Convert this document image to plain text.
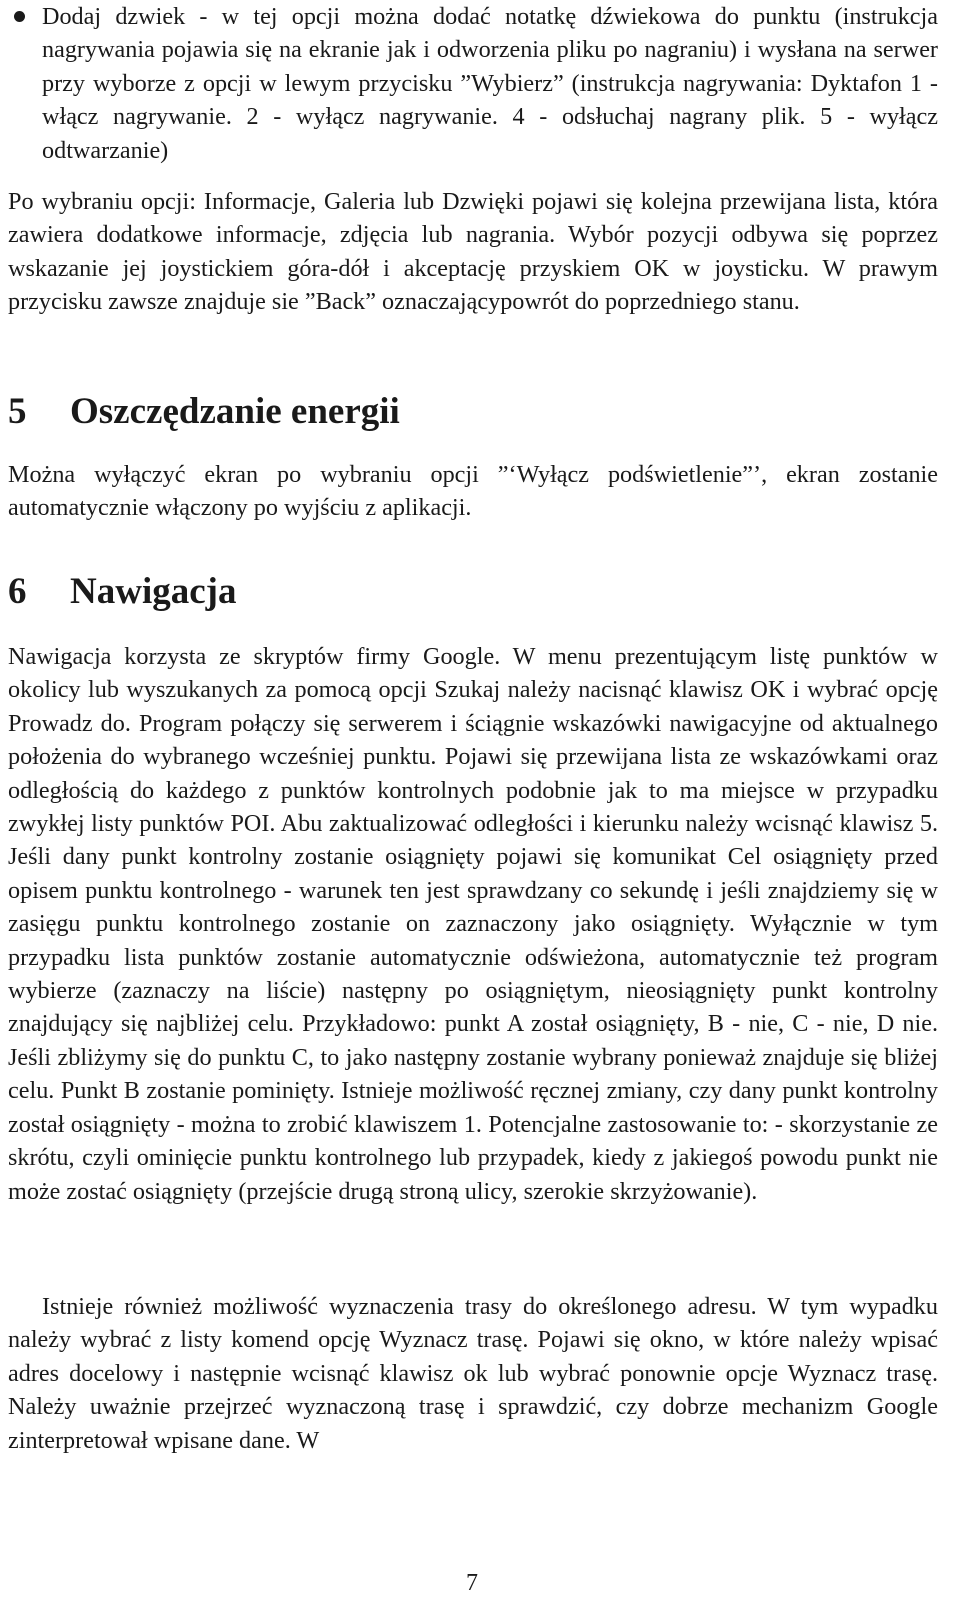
Dodaj dzwiek - w tej opcji można dodać notatkę dźwiekowa do punktu (instrukcja nagrywania pojawia się na ekranie jak i odworzenia pliku po nagraniu) i wysłana na serwer przy wyborze z opcji w lewym przycisku ”Wybierz” (instrukcja nagrywania: Dyktafon 1 - włącz nagrywanie. 2 - wyłącz nagrywanie. 4 - odsłuchaj nagrany plik. 5 - wyłącz odtwarzanie)

Po wybraniu opcji: Informacje, Galeria lub Dzwięki pojawi się kolejna przewijana lista, która zawiera dodatkowe informacje, zdjęcia lub nagrania. Wybór pozycji odbywa się poprzez wskazanie jej joystickiem góra-dół i akceptację przyskiem OK w joysticku. W prawym przycisku zawsze znajduje sie ”Back” oznaczającypowrót do poprzedniego stanu.

5 Oszczędzanie energii

Można wyłączyć ekran po wybraniu opcji ”‘Wyłącz podświetlenie”’, ekran zostanie automatycznie włączony po wyjściu z aplikacji.

6 Nawigacja

Nawigacja korzysta ze skryptów firmy Google. W menu prezentującym listę punktów w okolicy lub wyszukanych za pomocą opcji Szukaj należy nacisnąć klawisz OK i wybrać opcję Prowadz do. Program połączy się serwerem i ściągnie wskazówki nawigacyjne od aktualnego położenia do wybranego wcześniej punktu. Pojawi się przewijana lista ze wskazówkami oraz odległością do każdego z punktów kontrolnych podobnie jak to ma miejsce w przypadku zwykłej listy punktów POI. Abu zaktualizować odległości i kierunku należy wcisnąć klawisz 5. Jeśli dany punkt kontrolny zostanie osiągnięty pojawi się komunikat Cel osiągnięty przed opisem punktu kontrolnego - warunek ten jest sprawdzany co sekundę i jeśli znajdziemy się w zasięgu punktu kontrolnego zostanie on zaznaczony jako osiągnięty. Wyłącznie w tym przypadku lista punktów zostanie automatycznie odświeżona, automatycznie też program wybierze (zaznaczy na liście) następny po osiągniętym, nieosiągnięty punkt kontrolny znajdujący się najbliżej celu. Przykładowo: punkt A został osiągnięty, B - nie, C - nie, D nie. Jeśli zbliżymy się do punktu C, to jako następny zostanie wybrany ponieważ znajduje się bliżej celu. Punkt B zostanie pominięty. Istnieje możliwość ręcznej zmiany, czy dany punkt kontrolny został osiągnięty - można to zrobić klawiszem 1. Potencjalne zastosowanie to: - skorzystanie ze skrótu, czyli ominięcie punktu kontrolnego lub przypadek, kiedy z jakiegoś powodu punkt nie może zostać osiągnięty (przejście drugą stroną ulicy, szerokie skrzyżowanie).

Istnieje również możliwość wyznaczenia trasy do określonego adresu. W tym wypadku należy wybrać z listy komend opcję Wyznacz trasę. Pojawi się okno, w które należy wpisać adres docelowy i następnie wcisnąć klawisz ok lub wybrać ponownie opcje Wyznacz trasę. Należy uważnie przejrzeć wyznaczoną trasę i sprawdzić, czy dobrze mechanizm Google zinterpretował wpisane dane. W

7
